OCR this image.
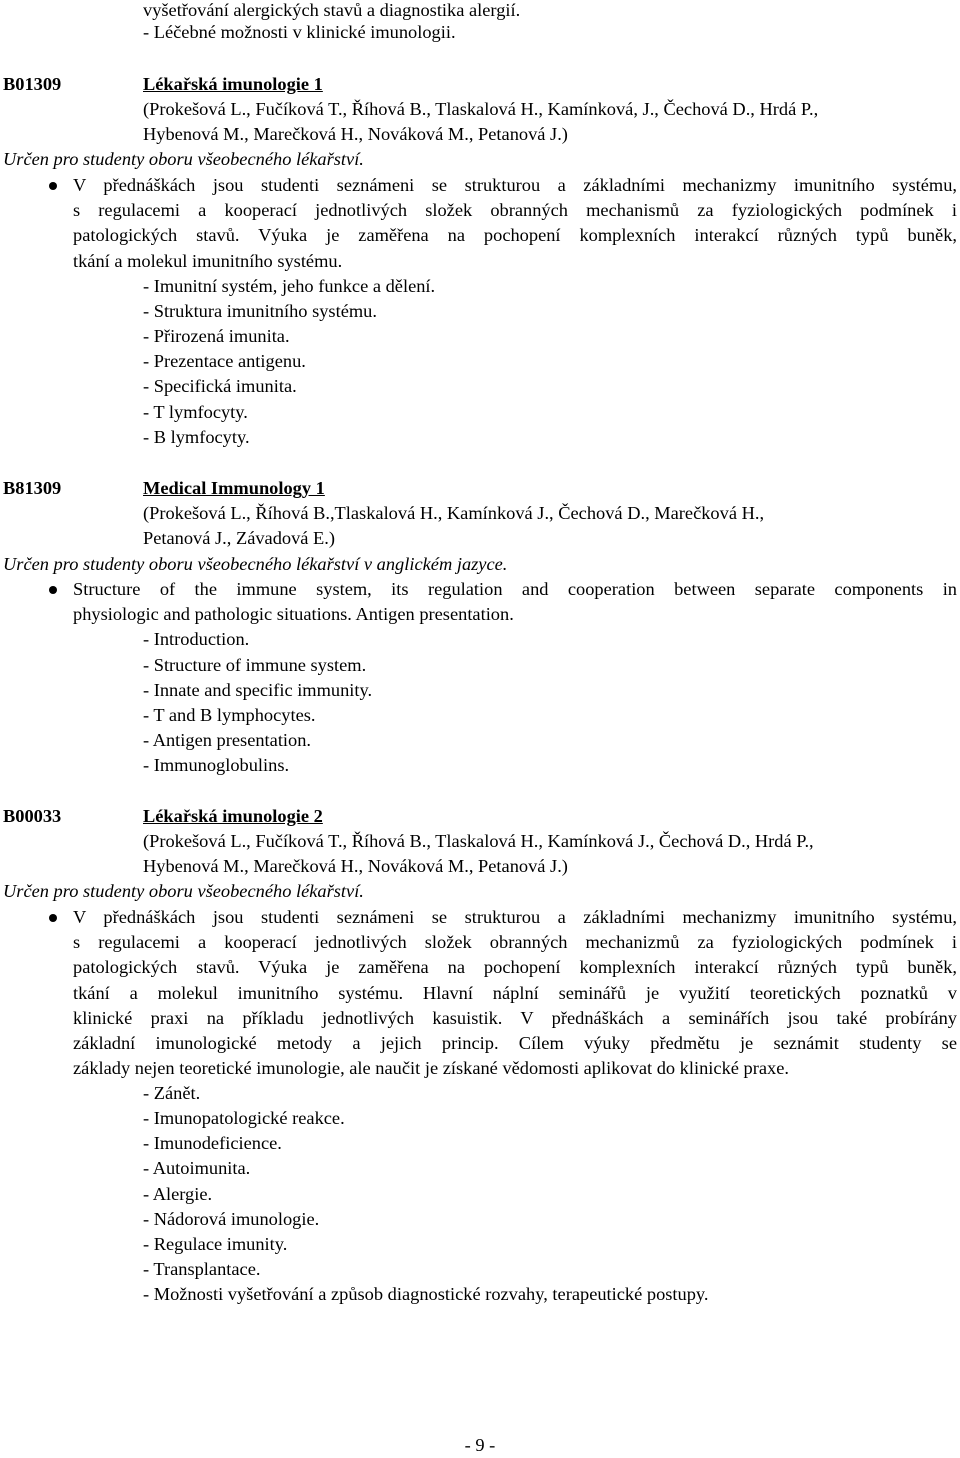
vyšetřování alergických stavů a diagnostika alergií.
- Léčebné možnosti v klinické imunologii.
B01309	Lékařská imunologie 1
(Prokešová L., Fučíková T., Říhová B., Tlaskalová H., Kamínková, J., Čechová D., Hrdá P.,
Hybenová M., Marečková H., Nováková M., Petanová J.)
Určen pro studenty oboru všeobecného lékařství.

V přednáškách jsou studenti seznámeni se strukturou a základními mechanizmy imunitního systému,

s regulacemi a kooperací jednotlivých složek obranných mechanismů za fyziologických podmínek i

patologických stavů. Výuka je zaměřena na pochopení komplexních interakcí různých typů buněk,

tkání a molekul imunitního systému.

- Imunitní systém, jeho funkce a dělení.
- Struktura imunitního systému.
- Přirozená imunita.
- Prezentace antigenu.
- Specifická imunita.
- T lymfocyty.
- B lymfocyty.
B81309	Medical Immunology 1
(Prokešová L., Říhová B.,Tlaskalová H., Kamínková J., Čechová D., Marečková H.,
Petanová J., Závadová E.)
Určen pro studenty oboru všeobecného lékařství v anglickém jazyce.

Structure of the immune system, its regulation and cooperation between separate components in

physiologic and pathologic situations. Antigen presentation.

- Introduction.
- Structure of immune system.
- Innate and specific immunity.
- T and B lymphocytes.
- Antigen presentation.
- Immunoglobulins.
B00033	Lékařská imunologie 2
(Prokešová L., Fučíková T., Říhová B., Tlaskalová H., Kamínková J., Čechová D., Hrdá P.,
Hybenová M., Marečková H., Nováková M., Petanová J.)
Určen pro studenty oboru všeobecného lékařství.

V přednáškách jsou studenti seznámeni se strukturou a základními mechanizmy imunitního systému,

s regulacemi a kooperací jednotlivých složek obranných mechanizmů za fyziologických podmínek i

patologických stavů. Výuka je zaměřena na pochopení komplexních interakcí různých typů buněk,

tkání a molekul imunitního systému. Hlavní náplní seminářů je využití teoretických poznatků v

klinické praxi na příkladu jednotlivých kasuistik. V přednáškách a seminářích jsou také probírány

základní imunologické metody a jejich princip. Cílem výuky předmětu je seznámit studenty se

základy nejen teoretické imunologie, ale naučit je získané vědomosti aplikovat do klinické praxe.

- Zánět.
- Imunopatologické reakce.
- Imunodeficience.
- Autoimunita.
- Alergie.
- Nádorová imunologie.
- Regulace imunity.
- Transplantace.
- Možnosti vyšetřování a způsob diagnostické rozvahy, terapeutické postupy.
- 9 -
